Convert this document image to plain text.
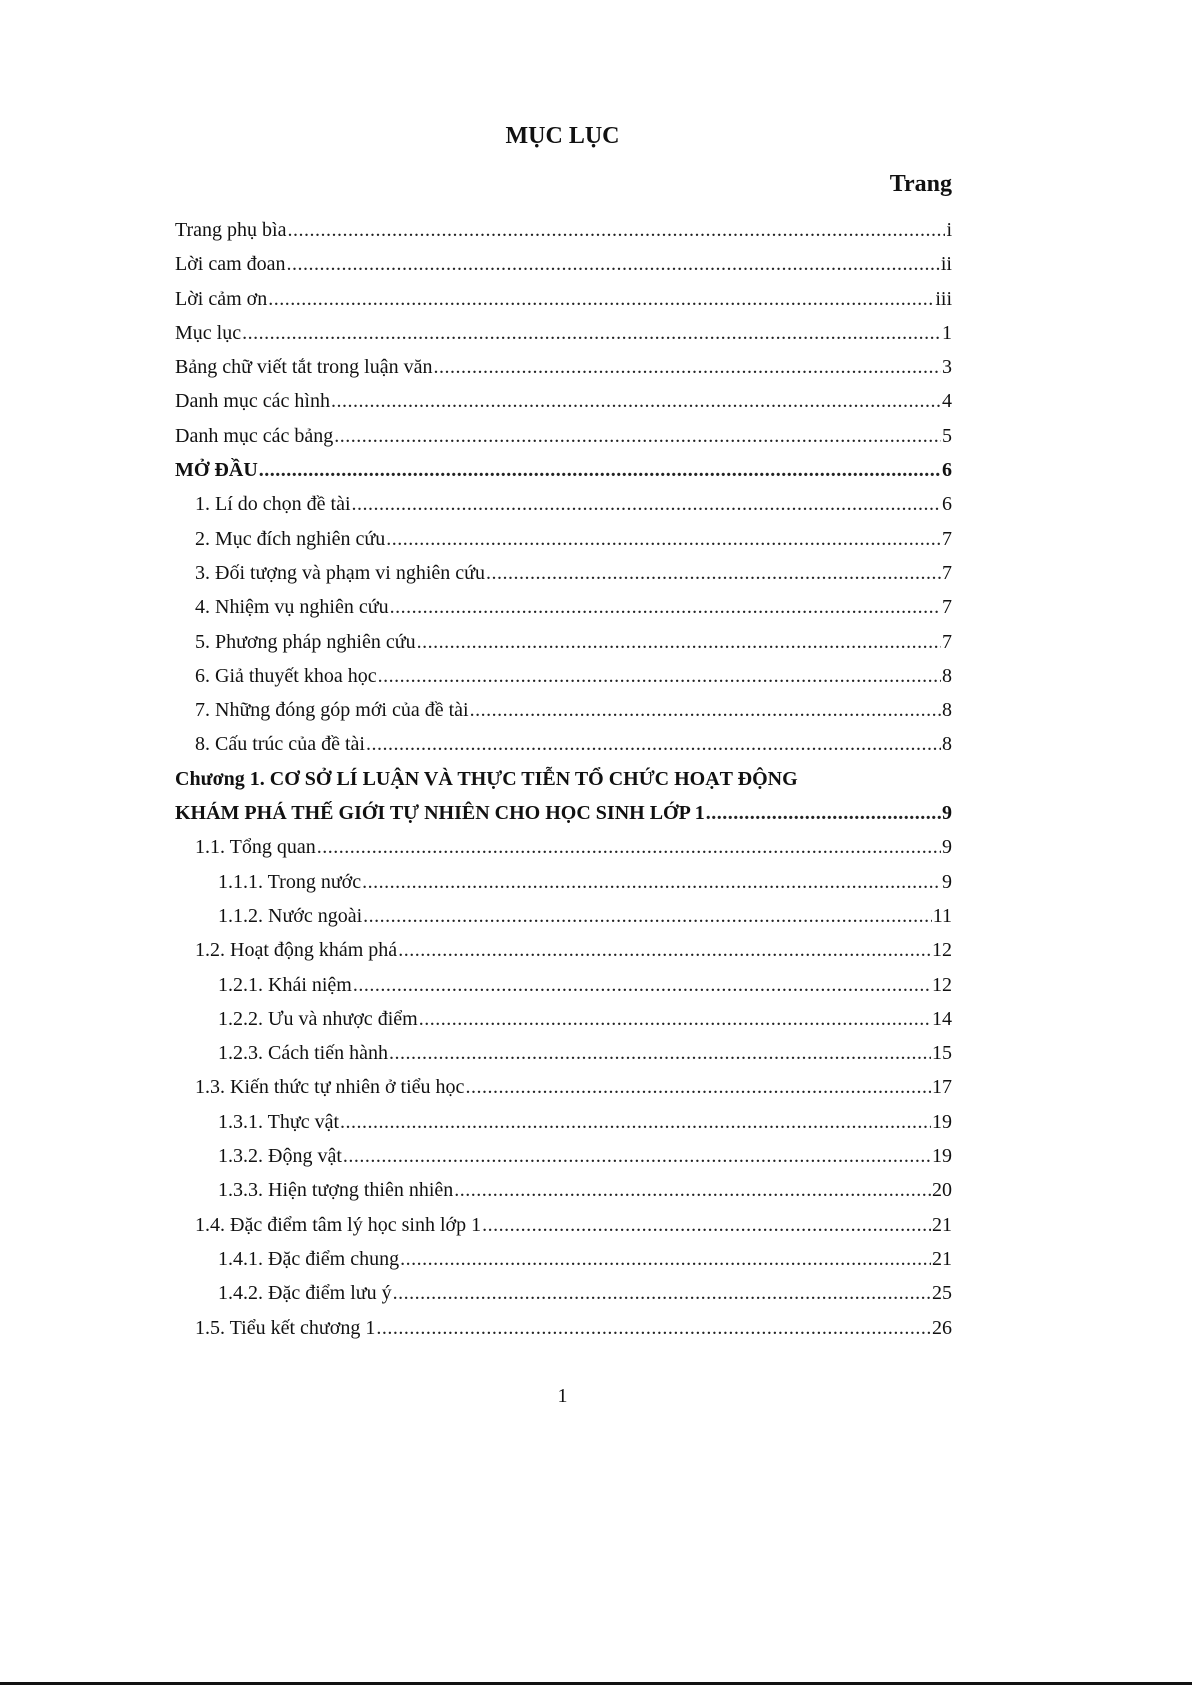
MỤC LỤC
Trang
Trang phụ bìa .....	i
Lời cam đoan .....	ii
Lời cảm ơn .....	iii
Mục lục .....	1
Bảng chữ viết tắt trong luận văn .....	3
Danh mục các hình .....	4
Danh mục các bảng .....	5
MỞ ĐẦU .....	6
1. Lí do chọn đề tài .....	6
2. Mục đích nghiên cứu .....	7
3. Đối tượng và phạm vi nghiên cứu .....	7
4. Nhiệm vụ nghiên cứu .....	7
5. Phương pháp nghiên cứu .....	7
6. Giả thuyết khoa học .....	8
7. Những đóng góp mới của đề tài .....	8
8. Cấu trúc của đề tài .....	8
Chương 1. CƠ SỞ LÍ LUẬN VÀ THỰC TIỄN TỔ CHỨC HOẠT ĐỘNG
KHÁM PHÁ THẾ GIỚI TỰ NHIÊN CHO HỌC SINH LỚP 1 .....	9
1.1. Tổng quan .....	9
1.1.1. Trong nước .....	9
1.1.2. Nước ngoài .....	11
1.2. Hoạt động khám phá .....	12
1.2.1. Khái niệm .....	12
1.2.2. Ưu và nhược điểm .....	14
1.2.3. Cách tiến hành .....	15
1.3. Kiến thức tự nhiên ở tiểu học .....	17
1.3.1. Thực vật .....	19
1.3.2. Động vật .....	19
1.3.3. Hiện tượng thiên nhiên .....	20
1.4. Đặc điểm tâm lý học sinh lớp 1 .....	21
1.4.1. Đặc điểm chung .....	21
1.4.2. Đặc điểm lưu ý .....	25
1.5. Tiểu kết chương 1 .....	26
1
